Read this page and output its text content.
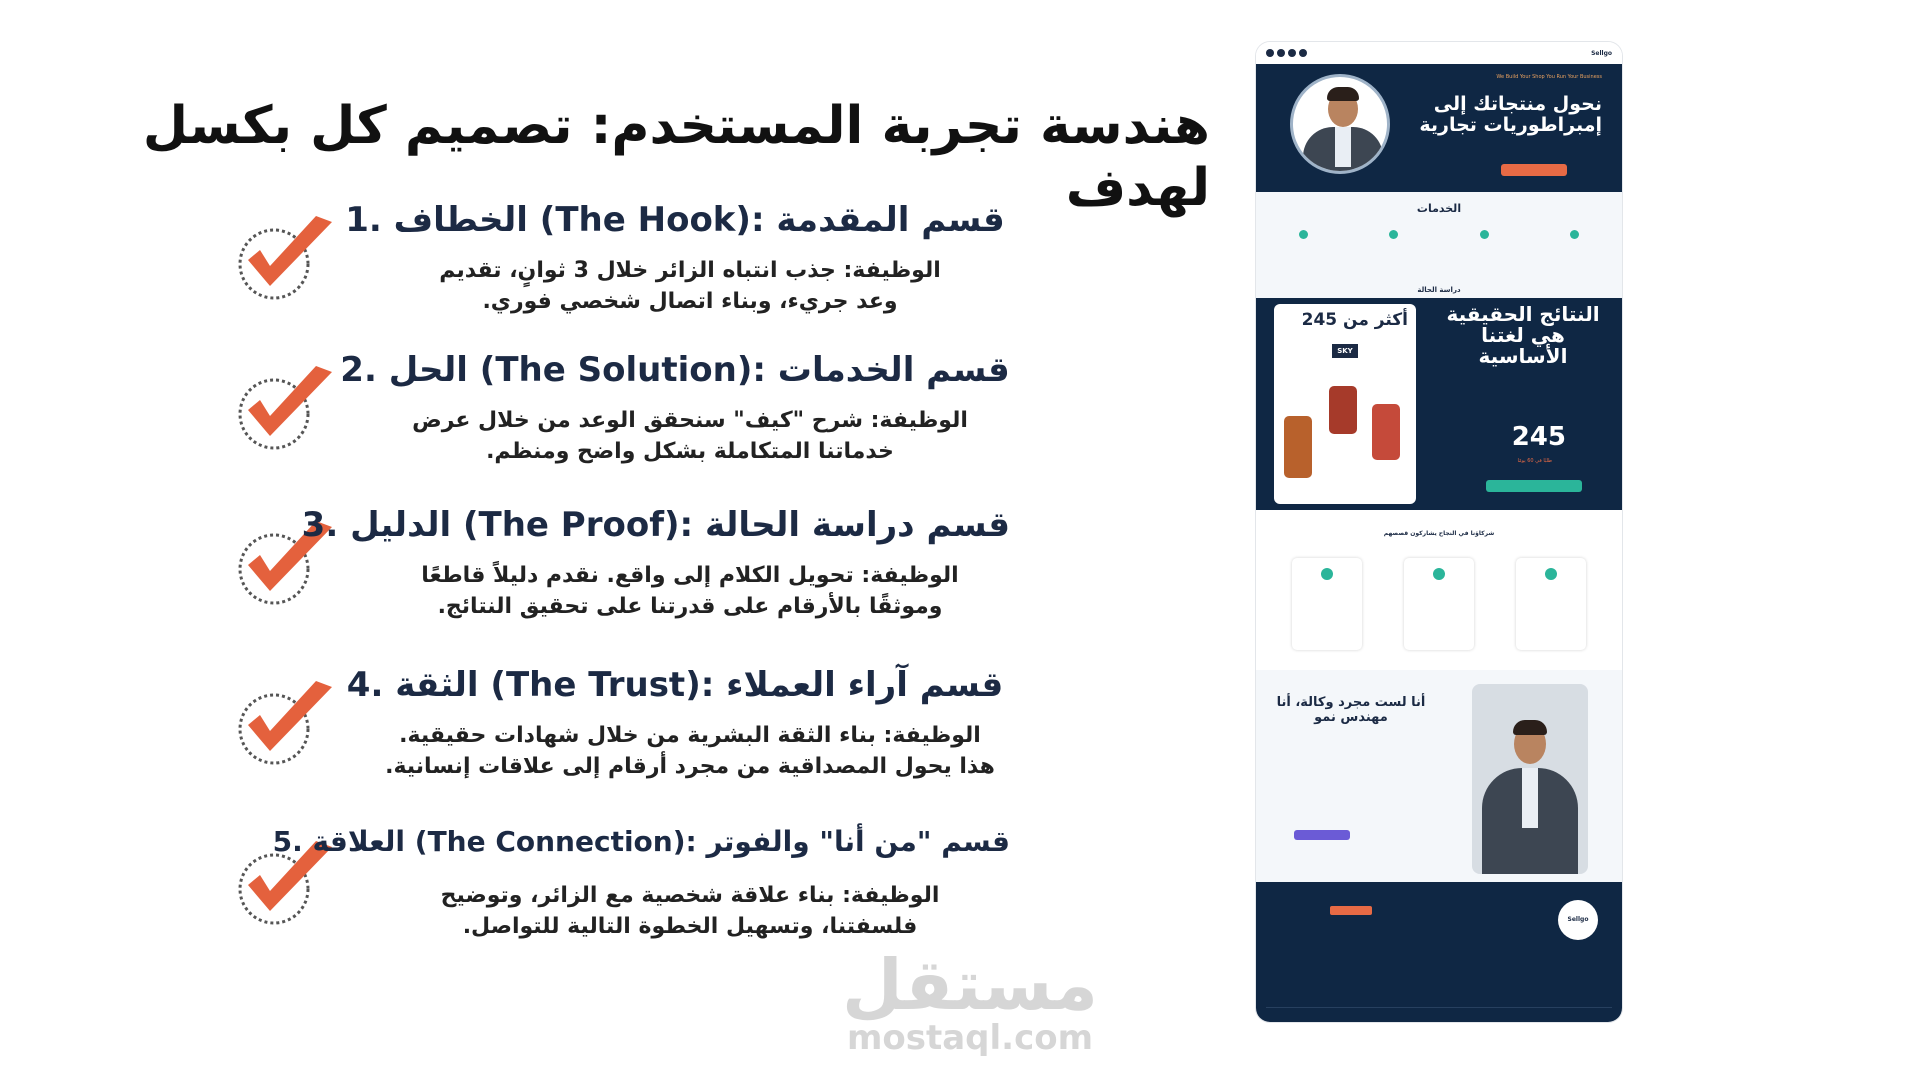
هندسة تجربة المستخدم: تصميم كل بكسل لهدف
قسم المقدمة :(The Hook) الخطاف .1
الوظيفة: جذب انتباه الزائر خلال 3 ثوانٍ، تقديم
وعد جريء، وبناء اتصال شخصي فوري.
قسم الخدمات :(The Solution) الحل .2
الوظيفة: شرح "كيف" سنحقق الوعد من خلال عرض
خدماتنا المتكاملة بشكل واضح ومنظم.
قسم دراسة الحالة :(The Proof) الدليل .3
الوظيفة: تحويل الكلام إلى واقع. نقدم دليلاً قاطعًا
وموثقًا بالأرقام على قدرتنا على تحقيق النتائج.
قسم آراء العملاء :(The Trust) الثقة .4
الوظيفة: بناء الثقة البشرية من خلال شهادات حقيقية.
هذا يحول المصداقية من مجرد أرقام إلى علاقات إنسانية.
قسم "من أنا" والفوتر :(The Connection) العلاقة .5
الوظيفة: بناء علاقة شخصية مع الزائر، وتوضيح
فلسفتنا، وتسهيل الخطوة التالية للتواصل.
مستقل
mostaql.com
Sellgo
We Build Your Shop You Run Your Business
نحول منتجاتك إلى إمبراطوريات تجارية
الخدمات

دراسة الحالة
أكثر من 245
SKY
النتائج الحقيقية هي لغتنا الأساسية
245
طلبًا في 60 يومًا
شركاؤنا في النجاح يشاركون قصصهم

أنا لست مجرد وكالة، أنا مهندس نمو
Sellgo
